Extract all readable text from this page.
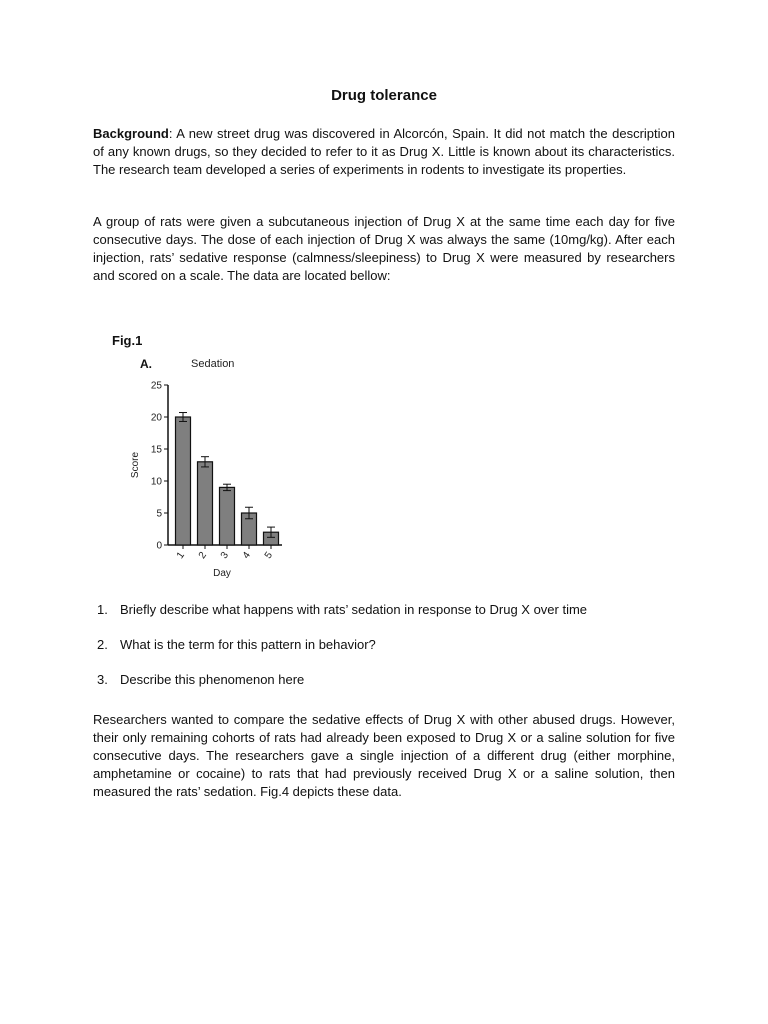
Drug tolerance

Background: A new street drug was discovered in Alcorcón, Spain. It did not match the description of any known drugs, so they decided to refer to it as Drug X. Little is known about its characteristics. The research team developed a series of experiments in rodents to investigate its properties.

A group of rats were given a subcutaneous injection of Drug X at the same time each day for five consecutive days. The dose of each injection of Drug X was always the same (10mg/kg). After each injection, rats’ sedative response (calmness/sleepiness) to Drug X were measured by researchers and scored on a scale. The data are located bellow:

Fig.1
A.	Sedation
0
5
10
15
20
25
1 2 3 4 5
Day
Score
1. Briefly describe what happens with rats’ sedation in response to Drug X over time
2. What is the term for this pattern in behavior?
3. Describe this phenomenon here

Researchers wanted to compare the sedative effects of Drug X with other abused drugs. However, their only remaining cohorts of rats had already been exposed to Drug X or a saline solution for five consecutive days. The researchers gave a single injection of a different drug (either morphine, amphetamine or cocaine) to rats that had previously received Drug X or a saline solution, then measured the rats’ sedation. Fig.4 depicts these data.
